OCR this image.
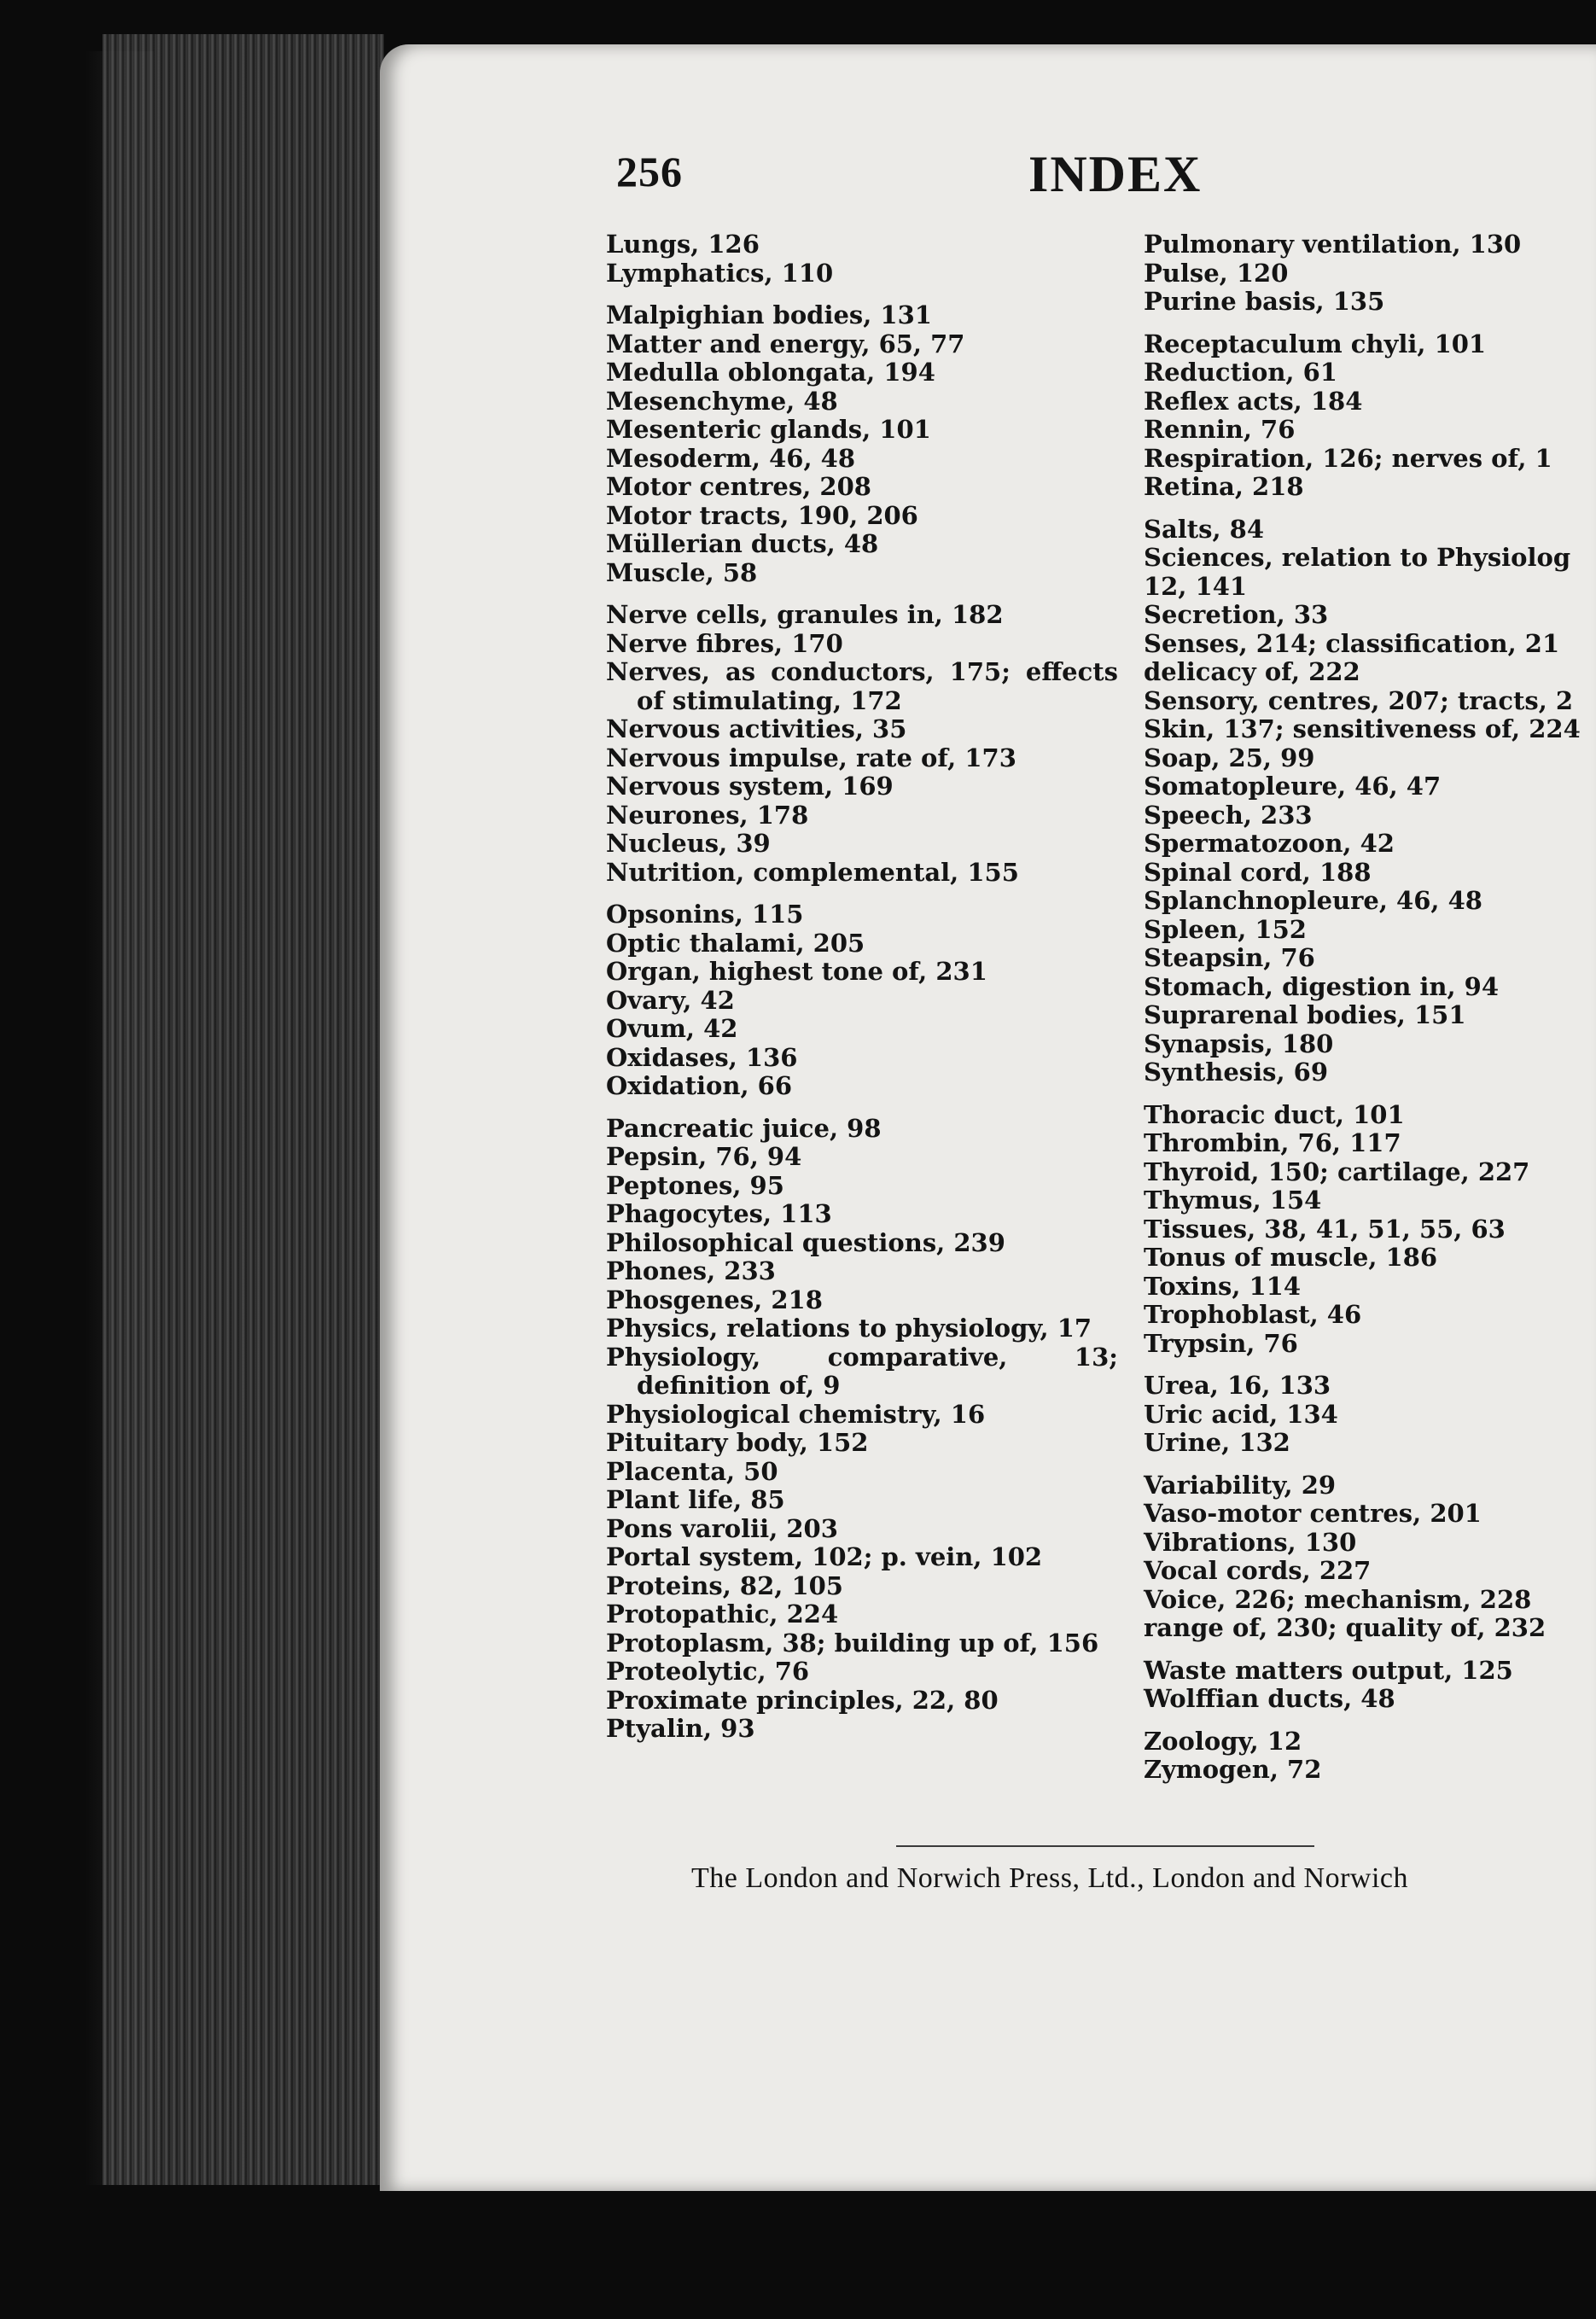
256	INDEX
Lungs, 126
Lymphatics, 110
Malpighian bodies, 131
Matter and energy, 65, 77
Medulla oblongata, 194
Mesenchyme, 48
Mesenteric glands, 101
Mesoderm, 46, 48
Motor centres, 208
Motor tracts, 190, 206
Müllerian ducts, 48
Muscle, 58
Nerve cells, granules in, 182
Nerve fibres, 170
Nerves, as conductors, 175; effects of stimulating, 172
Nervous activities, 35
Nervous impulse, rate of, 173
Nervous system, 169
Neurones, 178
Nucleus, 39
Nutrition, complemental, 155
Opsonins, 115
Optic thalami, 205
Organ, highest tone of, 231
Ovary, 42
Ovum, 42
Oxidases, 136
Oxidation, 66
Pancreatic juice, 98
Pepsin, 76, 94
Peptones, 95
Phagocytes, 113
Philosophical questions, 239
Phones, 233
Phosgenes, 218
Physics, relations to physiology, 17
Physiology, comparative, 13; definition of, 9
Physiological chemistry, 16
Pituitary body, 152
Placenta, 50
Plant life, 85
Pons varolii, 203
Portal system, 102; p. vein, 102
Proteins, 82, 105
Protopathic, 224
Protoplasm, 38; building up of, 156
Proteolytic, 76
Proximate principles, 22, 80
Ptyalin, 93
Pulmonary ventilation, 130
Pulse, 120
Purine basis, 135
Receptaculum chyli, 101
Reduction, 61
Reflex acts, 184
Rennin, 76
Respiration, 126; nerves of, 1
Retina, 218
Salts, 84
Sciences, relation to Physiolog
12, 141
Secretion, 33
Senses, 214; classification, 21
delicacy of, 222
Sensory, centres, 207; tracts, 2
Skin, 137; sensitiveness of, 224
Soap, 25, 99
Somatopleure, 46, 47
Speech, 233
Spermatozoon, 42
Spinal cord, 188
Splanchnopleure, 46, 48
Spleen, 152
Steapsin, 76
Stomach, digestion in, 94
Suprarenal bodies, 151
Synapsis, 180
Synthesis, 69
Thoracic duct, 101
Thrombin, 76, 117
Thyroid, 150; cartilage, 227
Thymus, 154
Tissues, 38, 41, 51, 55, 63
Tonus of muscle, 186
Toxins, 114
Trophoblast, 46
Trypsin, 76
Urea, 16, 133
Uric acid, 134
Urine, 132
Variability, 29
Vaso-motor centres, 201
Vibrations, 130
Vocal cords, 227
Voice, 226; mechanism, 228
range of, 230; quality of, 232
Waste matters output, 125
Wolffian ducts, 48
Zoology, 12
Zymogen, 72
The London and Norwich Press, Ltd., London and Norwich
